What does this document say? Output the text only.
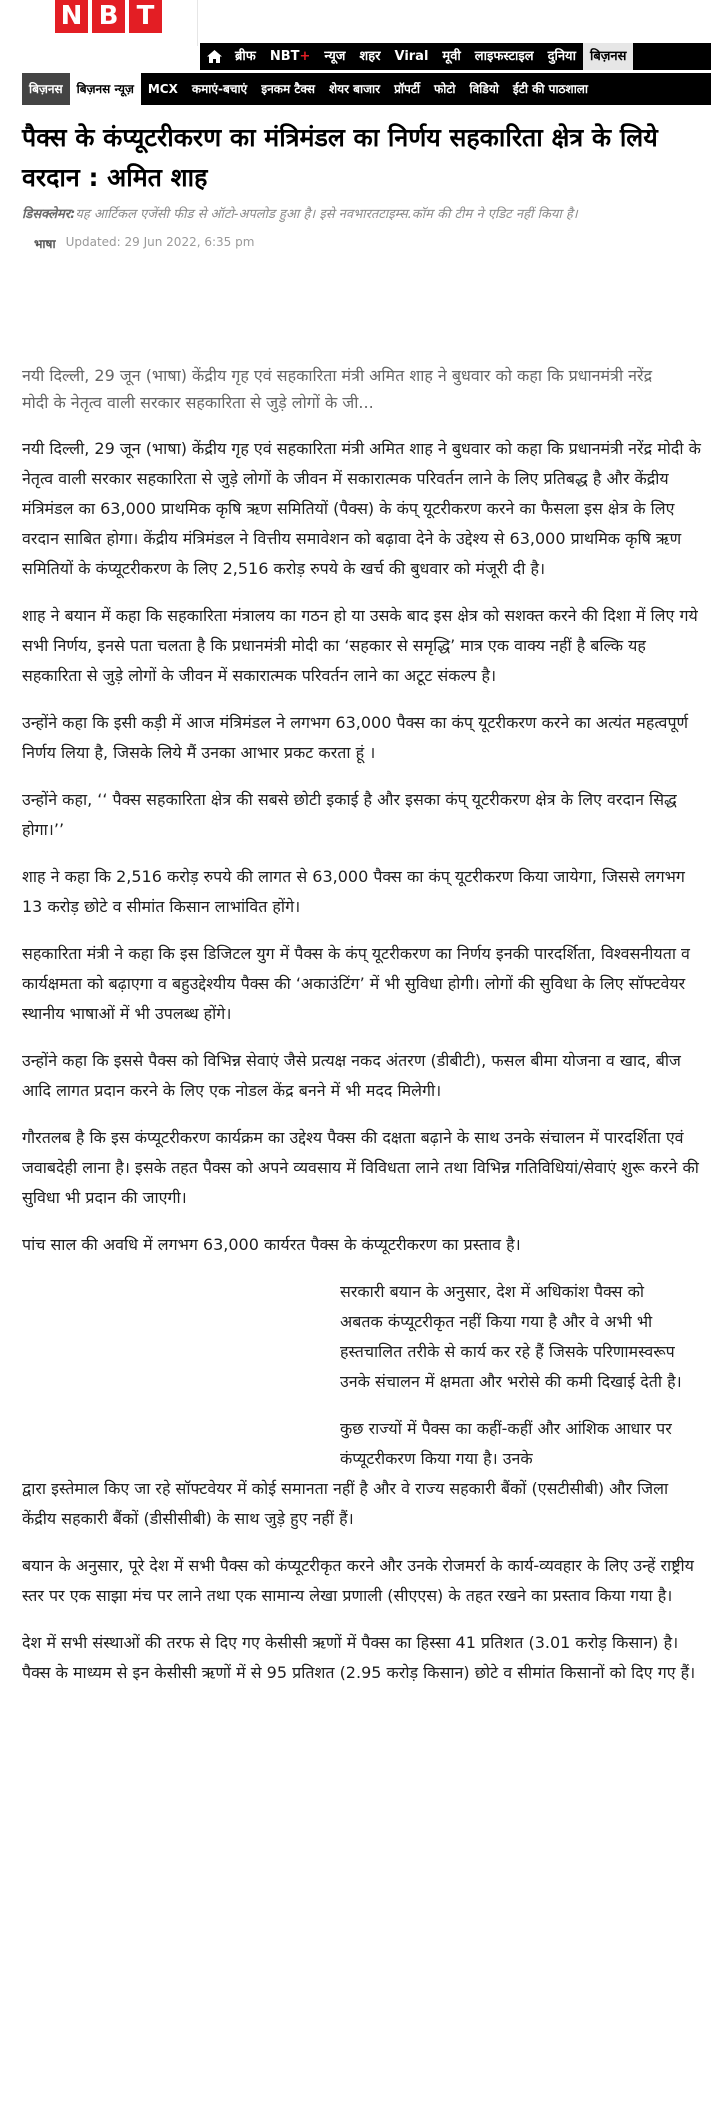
N B T
ब्रीफ	NBT+	न्यूज	शहर	Viral	मूवी	लाइफस्टाइल	दुनिया	बिज़नस
बिज़नस	बिज़नस न्यूज़	MCX	कमाएं-बचाएं	इनकम टैक्स	शेयर बाजार	प्रॉपर्टी	फोटो	विडियो	ईटी की पाठशाला
पैक्स के कंप्यूटरीकरण का मंत्रिमंडल का निर्णय सहकारिता क्षेत्र के लिये वरदान : अमित शाह
डिसक्लेमर:यह आर्टिकल एजेंसी फीड से ऑटो-अपलोड हुआ है। इसे नवभारतटाइम्स.कॉम की टीम ने एडिट नहीं किया है।
भाषा Updated: 29 Jun 2022, 6:35 pm
नयी दिल्ली, 29 जून (भाषा) केंद्रीय गृह एवं सहकारिता मंत्री अमित शाह ने बुधवार को कहा कि प्रधानमंत्री नरेंद्र मोदी के नेतृत्व वाली सरकार सहकारिता से जुड़े लोगों के जी...

नयी दिल्ली, 29 जून (भाषा) केंद्रीय गृह एवं सहकारिता मंत्री अमित शाह ने बुधवार को कहा कि प्रधानमंत्री नरेंद्र मोदी के नेतृत्व वाली सरकार सहकारिता से जुड़े लोगों के जीवन में सकारात्मक परिवर्तन लाने के लिए प्रतिबद्ध है और केंद्रीय मंत्रिमंडल का 63,000 प्राथमिक कृषि ऋण समितियों (पैक्स) के कंप् यूटरीकरण करने का फैसला इस क्षेत्र के लिए वरदान साबित होगा। केंद्रीय मंत्रिमंडल ने वित्तीय समावेशन को बढ़ावा देने के उद्देश्य से 63,000 प्राथमिक कृषि ऋण समितियों के कंप्यूटरीकरण के लिए 2,516 करोड़ रुपये के खर्च की बुधवार को मंजूरी दी है।

शाह ने बयान में कहा कि सहकारिता मंत्रालय का गठन हो या उसके बाद इस क्षेत्र को सशक्त करने की दिशा में लिए गये सभी निर्णय, इनसे पता चलता है कि प्रधानमंत्री मोदी का ‘सहकार से समृद्धि’ मात्र एक वाक्य नहीं है बल्कि यह सहकारिता से जुड़े लोगों के जीवन में सकारात्मक परिवर्तन लाने का अटूट संकल्प है।

उन्होंने कहा कि इसी कड़ी में आज मंत्रिमंडल ने लगभग 63,000 पैक्स का कंप् यूटरीकरण करने का अत्यंत महत्वपूर्ण निर्णय लिया है, जिसके लिये मैं उनका आभार प्रकट करता हूं ।

उन्होंने कहा, ‘‘ पैक्स सहकारिता क्षेत्र की सबसे छोटी इकाई है और इसका कंप् यूटरीकरण क्षेत्र के लिए वरदान सिद्ध होगा।’’

शाह ने कहा कि 2,516 करोड़ रुपये की लागत से 63,000 पैक्स का कंप् यूटरीकरण किया जायेगा, जिससे लगभग 13 करोड़ छोटे व सीमांत किसान लाभांवित होंगे।

सहकारिता मंत्री ने कहा कि इस डिजिटल युग में पैक्स के कंप् यूटरीकरण का निर्णय इनकी पारदर्शिता, विश्वसनीयता व कार्यक्षमता को बढ़ाएगा व बहुउद्देश्यीय पैक्स की ‘अकाउंटिंग’ में भी सुविधा होगी। लोगों की सुविधा के लिए सॉफ्टवेयर स्थानीय भाषाओं में भी उपलब्ध होंगे।

उन्होंने कहा कि इससे पैक्स को विभिन्न सेवाएं जैसे प्रत्यक्ष नकद अंतरण (डीबीटी), फसल बीमा योजना व खाद, बीज आदि लागत प्रदान करने के लिए एक नोडल केंद्र बनने में भी मदद मिलेगी।

गौरतलब है कि इस कंप्यूटरीकरण कार्यक्रम का उद्देश्य पैक्स की दक्षता बढ़ाने के साथ उनके संचालन में पारदर्शिता एवं जवाबदेही लाना है। इसके तहत पैक्स को अपने व्यवसाय में विविधता लाने तथा विभिन्न गतिविधियां/सेवाएं शुरू करने की सुविधा भी प्रदान की जाएगी।

पांच साल की अवधि में लगभग 63,000 कार्यरत पैक्स के कंप्यूटरीकरण का प्रस्ताव है।

सरकारी बयान के अनुसार, देश में अधिकांश पैक्स को अबतक कंप्यूटरीकृत नहीं किया गया है और वे अभी भी हस्तचालित तरीके से कार्य कर रहे हैं जिसके परिणामस्वरूप उनके संचालन में क्षमता और भरोसे की कमी दिखाई देती है।

कुछ राज्यों में पैक्स का कहीं-कहीं और आंशिक आधार पर कंप्यूटरीकरण किया गया है। उनके

द्वारा इस्तेमाल किए जा रहे सॉफ्टवेयर में कोई समानता नहीं है और वे राज्य सहकारी बैंकों (एसटीसीबी) और जिला केंद्रीय सहकारी बैंकों (डीसीसीबी) के साथ जुड़े हुए नहीं हैं।

बयान के अनुसार, पूरे देश में सभी पैक्स को कंप्यूटरीकृत करने और उनके रोजमर्रा के कार्य-व्यवहार के लिए उन्हें राष्ट्रीय स्तर पर एक साझा मंच पर लाने तथा एक सामान्य लेखा प्रणाली (सीएएस) के तहत रखने का प्रस्ताव किया गया है।

देश में सभी संस्थाओं की तरफ से दिए गए केसीसी ऋणों में पैक्स का हिस्सा 41 प्रतिशत (3.01 करोड़ किसान) है। पैक्स के माध्यम से इन केसीसी ऋणों में से 95 प्रतिशत (2.95 करोड़ किसान) छोटे व सीमांत किसानों को दिए गए हैं।
